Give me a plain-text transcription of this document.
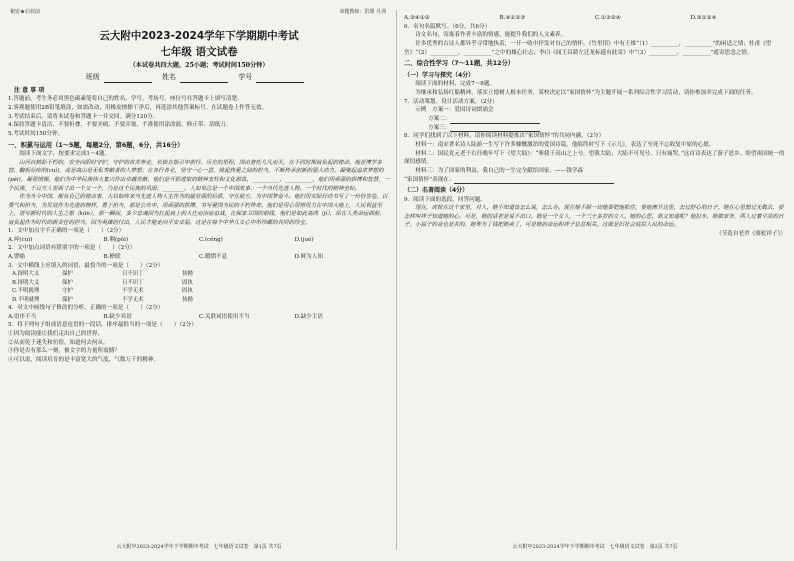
秘密★启封前	命题教师：洪璨 月训
云大附中2023-2024学年下学期期中考试
七年级 语文试卷
（本试卷共四大题，25小题；考试时间150分钟）
班级	姓名	学号
注 意 事 项

1.答题前，考生务必用黑色碳素笔将自己的姓名、学号、考场号、座位号在答题卡上填写清楚。

2.客观题使用2B铅笔填涂，如需改动，用橡皮擦擦干净后，再选涂其他答案标号。在试题卷上作答无效。

3.考试结束后，请将本试卷和答题卡一并交回。满分120分。

4.保持答题卡清洁，不要折叠、不要弄破、不要弄皱，不准使用涂改液、修正带、刮纸刀。

5.考试时间150分钟。

一、积累与运用（1～5题，每题2分，第6题，6分，共16分）

阅读下面文字，按要求完成1～4题。

山河自精彩不朽的，安全向阳时守护，守护的苦苦奔走，长街在指引中前行。历史的里程，国由普托九凡而天，在不同时期肩负起的使命。他是博学多智、鞠躬尽瘁的(cuì)，或是高山是无私奉献者的人梦想；在各行各业，坚守一心一意，挑起热爱之间的担当，不断传承创新的强大动力，凝聚起追求梦想的(pèi)，凝视情操。他们为中华民族伟大复兴作出卓越贡献，他们是开拓进取的精神支柱和文化源泉，__________、__________，他们用顽强的拼搏和智慧，一个民族，千百万人里面寸出一个又一个，乃是这个民族的巩固；________。人如果总是一个中国故事、一个当代先进人物、一个时代的精神坐标。

作为当今中国，都有自己的使命事，大局始终来当先进人物人生作为的最坚强的后盾，守在前方，为中国梦奋斗。他们用实际行动书写了一份份答卷，以勇气和担当，为发展作为先进的榜样。勇于担当，那是公告中，用顽强的拼搏，书写爱国为民的不朽传奇。他们是用心用情用力在中国大地上，人民利益至上，谱写新时代的人生之歌（kūn），那一瞬间，多少忠魂因为扛起肩上的大任而浴血奋战，在保家卫国的前线，他们是如此高尚（jí），站在人类命运面前，肩负起作为时代的新责任的担当。因为英雄的付出，人民才能走向平安幸福。这是在每个中华儿女心中所珍藏的共同的珍宝。

1．文中加点字不正确的一项是（　　）（2分）

A.瘁(cuì)	B.剩(pǒi)	C.(céng)	D.(jué)

2．文中加点词语有错别字的一项是（　　）（2分）

A.譬喻	B.撩联	C.暇熠不息	D.鲜为人知

3．文中横线上应填入的词语，最恰当的一项是（　　）（2分）

A.探明大义	保护	日不识丁	执拗
B.探明大义	保护	日不识丁	固执
C.不明就理	守护	不学无术	固执
D.不明就理	保护	不学无术	执拗

4．对文中画线句子修改的分析，正确的一项是（　　）（2分）

A.语序不当	B.缺少宾语	C.关联词语使用不当	D.缺少主语

5．将下列句子组成语意连贯的一段话，排序最恰当的一项是（　　）（2分）

①因为阅读能让我们走出自己的世界，

②从而免于迷失和彷徨，知道何去何从。

③你是否有那么一刻，被文字的力量所震撼？

④可以说，阅读培育的是丰富宽大的气度，气数万千的精神。

云大附中2023-2024学年下学期期中考试　七年级语文试卷　第1页 共7页
A.③④①②	B.④①②③	C.①③②④	D.③①②④

6．名句名篇默写。（6分，共6分）

诗文名句，寄寓着作者丰富的情感，能提升我们的人文素养。

许多优秀的古诗人都异乎寻常地执着，一开一收中抒发对自己的情怀。《竹里馆》中有王维“（1）__________，__________”的闲适之情；杜甫《望岳》“（2）__________，__________”之中的雄心壮志；李白《闻王昌龄左迁龙标遥有此寄》中“（3）__________，__________”遥寄思念之情。

二、综合性学习（7～11题，共12分）
（一）学习与探究（4分）

阅读下面的材料，完成7～8题。

为继承和弘扬红船精神，落实立德树人根本任务，某校决定以“家国情怀”为主题开展一系列综合性学习活动，请你参加并完成下面的任务。

7．活动策划。设计活动方案。（2分）

示例　方案一：爱国诗词朗诵会

方案二：

方案三：

8．同学们找到了以下材料，请你阅读材料提炼出“家国情怀”的共同内涵。（2分）

材料一：南宋著名诗人陆游一生写下许多慷慨激昂的爱国诗篇，他临终时写下《示儿》，表达了至死不忘收复中原的心愿。

材料二：国民党元老于右任晚年写下《望大陆》：“葬我于高山之上兮，望我大陆；大陆不可见兮，只有痛哭。”这首诗表达了游子思乡、盼望祖国统一的深切感情。

材料三：为了国家的利益，我自己的一生完全献给国家。——钱学森

“家国情怀”表现在：

（二）名著阅读（4分）

9．阅读下面的选段，回答问题。

现在，虎妞在这个家里，对人，她不知道该怎么说，怎么办。现在她不顾一切地要把他抓住，要他离开这里，去过舒心的日子。她在心里想过无数次，要怎样叫祥子知道她的心。可是，她的话老是说不出口。她是一个女人，一个三十多岁的女人。她的心思，谁又知道呢？他拉车，她做家务，两人过着平淡的日子。小福子的命也是苦的。她爹为了钱把她卖了，可是她的命运和祥子息息相关。这就是旧社会底层人民的命运。

（节选自老舍《骆驼祥子》）

云大附中2023-2024学年下学期期中考试　七年级语文试卷　第2页 共7页
